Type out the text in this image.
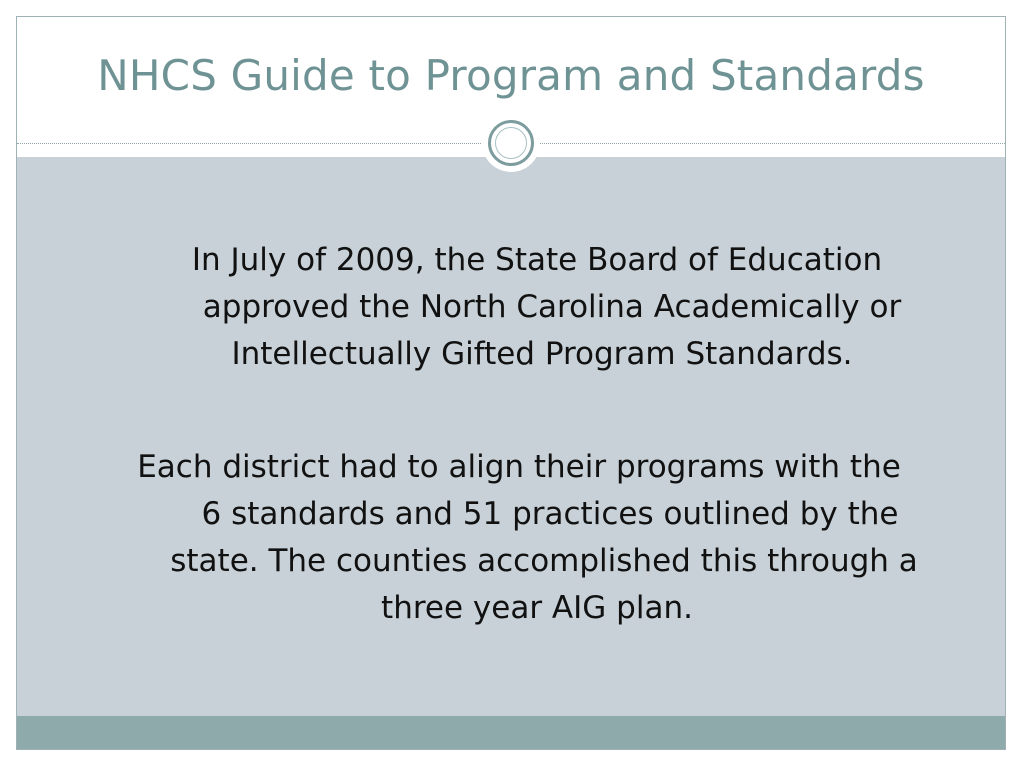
NHCS Guide to Program and Standards
In July of 2009, the State Board of Education
approved the North Carolina Academically or
Intellectually Gifted Program Standards.
Each district had to align their programs with the
6 standards and 51 practices outlined by the
state. The counties accomplished this through a
three year AIG plan.
